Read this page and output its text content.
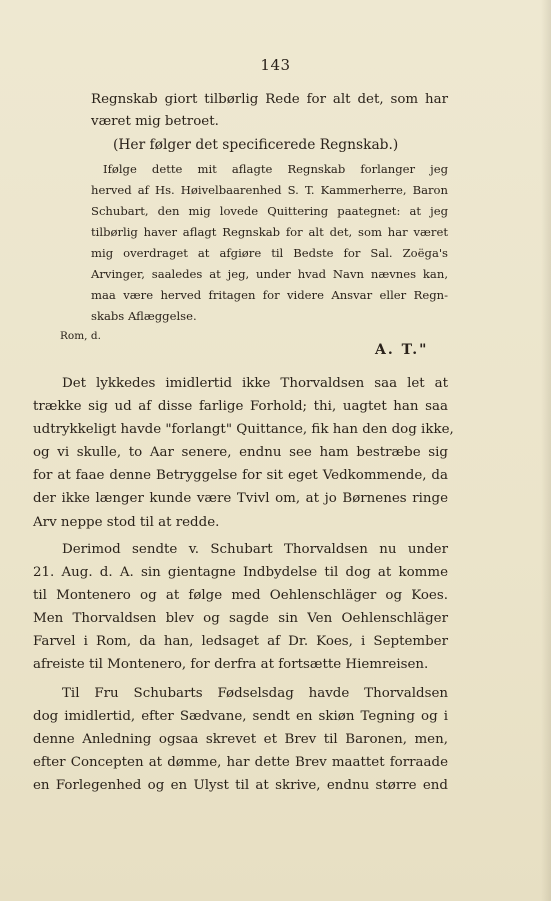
143
Regnskab giort tilbørlig Rede for alt det, som har
været mig betroet.
(Her følger det specificerede Regnskab.)
Ifølge dette mit aflagte Regnskab forlanger jeg
herved af Hs. Høivelbaarenhed S. T. Kammerherre, Baron
Schubart, den mig lovede Quittering paategnet: at jeg
tilbørlig haver aflagt Regnskab for alt det, som har været
mig overdraget at afgiøre til Bedste for Sal. Zoëga's
Arvinger, saaledes at jeg, under hvad Navn nævnes kan,
maa være herved fritagen for videre Ansvar eller Regn-
skabs Aflæggelse.
Rom, d.
A. T."
Det lykkedes imidlertid ikke Thorvaldsen saa let at
trække sig ud af disse farlige Forhold; thi, uagtet han saa
udtrykkeligt havde "forlangt" Quittance, fik han den dog ikke,
og vi skulle, to Aar senere, endnu see ham bestræbe sig
for at faae denne Betryggelse for sit eget Vedkommende, da
der ikke længer kunde være Tvivl om, at jo Børnenes ringe
Arv neppe stod til at redde.
Derimod sendte v. Schubart Thorvaldsen nu under
21. Aug. d. A. sin gientagne Indbydelse til dog at komme
til Montenero og at følge med Oehlenschläger og Koes.
Men Thorvaldsen blev og sagde sin Ven Oehlenschläger
Farvel i Rom, da han, ledsaget af Dr. Koes, i September
afreiste til Montenero, for derfra at fortsætte Hiemreisen.
Til Fru Schubarts Fødselsdag havde Thorvaldsen
dog imidlertid, efter Sædvane, sendt en skiøn Tegning og i
denne Anledning ogsaa skrevet et Brev til Baronen, men,
efter Concepten at dømme, har dette Brev maattet forraade
en Forlegenhed og en Ulyst til at skrive, endnu større end
